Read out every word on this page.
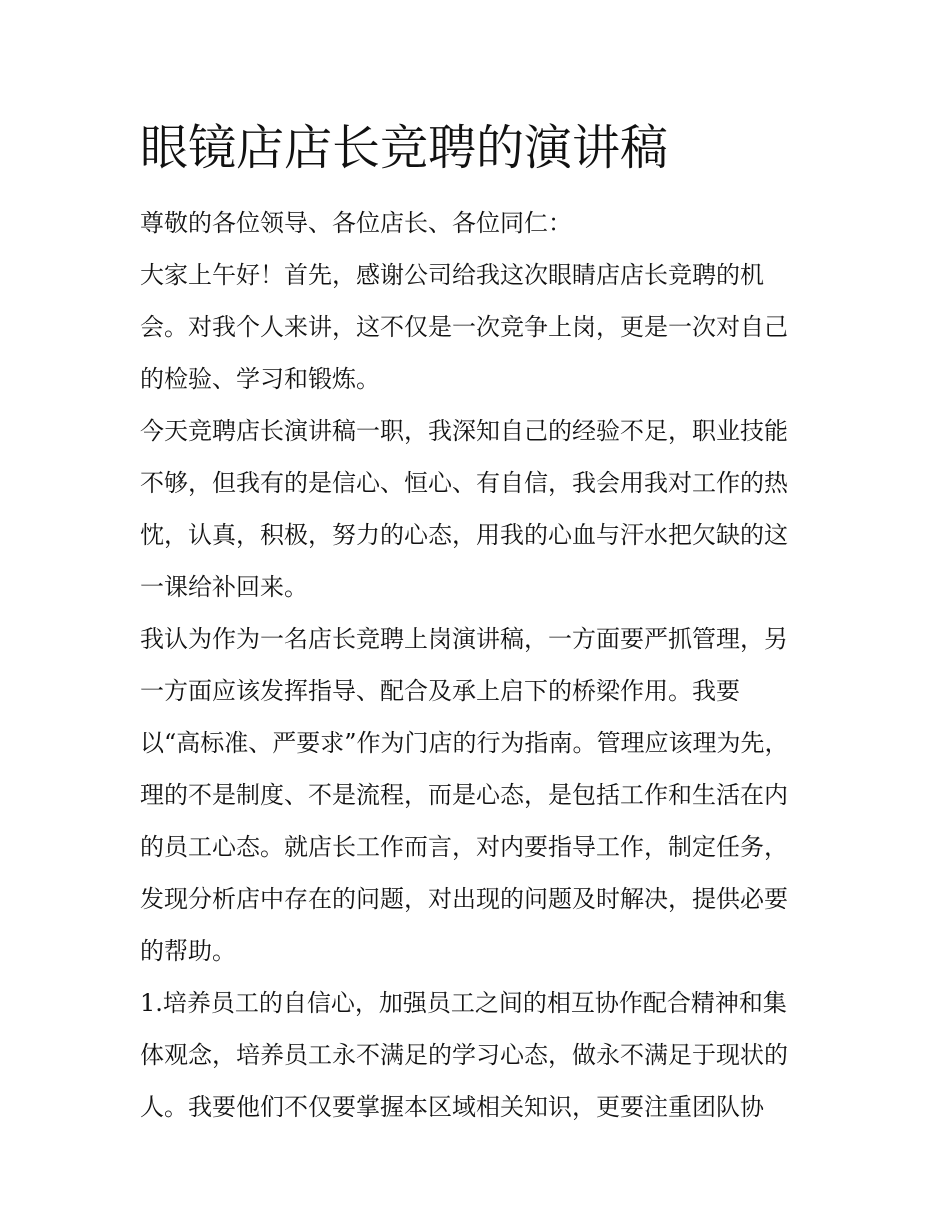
眼镜店店长竞聘的演讲稿

尊敬的各位领导、各位店长、各位同仁：

大家上午好！首先，感谢公司给我这次眼睛店店长竞聘的机

会。对我个人来讲，这不仅是一次竞争上岗，更是一次对自己

的检验、学习和锻炼。

今天竞聘店长演讲稿一职，我深知自己的经验不足，职业技能

不够，但我有的是信心、恒心、有自信，我会用我对工作的热

忱，认真，积极，努力的心态，用我的心血与汗水把欠缺的这

一课给补回来。

我认为作为一名店长竞聘上岗演讲稿，一方面要严抓管理，另

一方面应该发挥指导、配合及承上启下的桥梁作用。我要

以“高标准、严要求”作为门店的行为指南。管理应该理为先，

理的不是制度、不是流程，而是心态，是包括工作和生活在内

的员工心态。就店长工作而言，对内要指导工作，制定任务，

发现分析店中存在的问题，对出现的问题及时解决，提供必要

的帮助。

1.培养员工的自信心，加强员工之间的相互协作配合精神和集

体观念，培养员工永不满足的学习心态，做永不满足于现状的

人。我要他们不仅要掌握本区域相关知识，更要注重团队协
